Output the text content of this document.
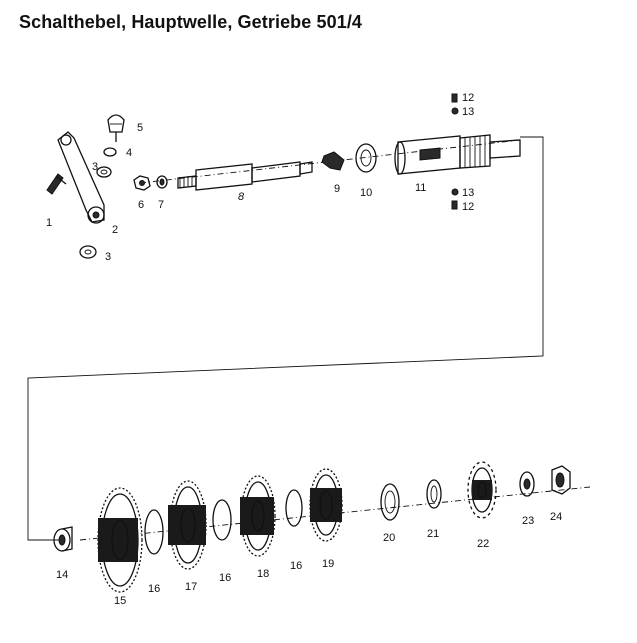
Schalthebel, Hauptwelle, Getriebe 501/4
1
2
3
3
4
5
6 7
8
9 10	11
12
13
13
12
14
15
16 17
16 18
16 19
20	21
22
23 24
